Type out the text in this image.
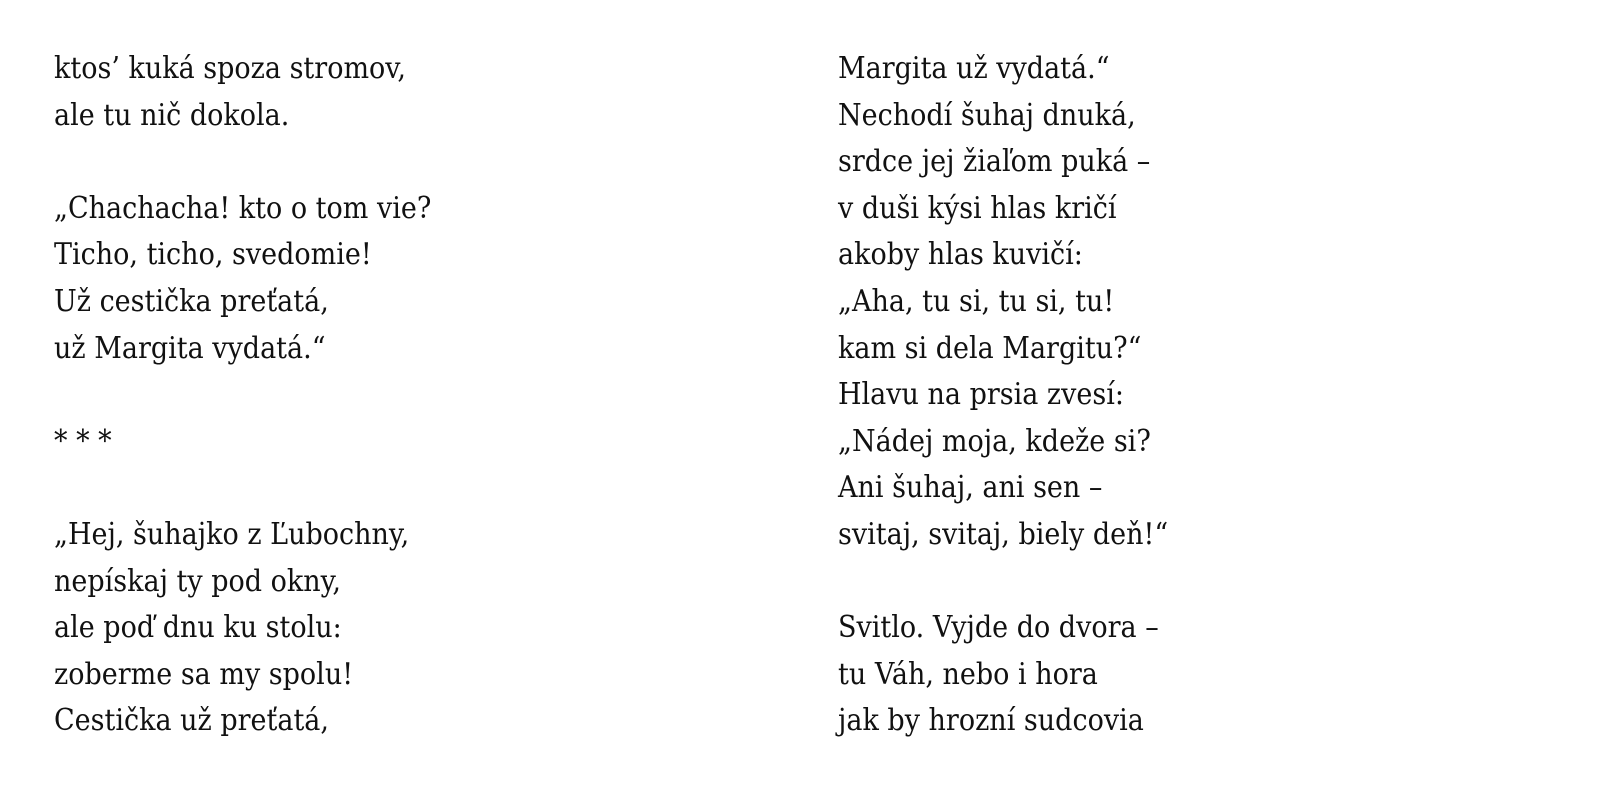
ktos’ kuká spoza stromov,
ale tu nič dokola.
„Chachacha! kto o tom vie?
Ticho, ticho, svedomie!
Už cestička preťatá,
už Margita vydatá.“
* * *
„Hej, šuhajko z Ľubochny,
nepískaj ty pod okny,
ale poď dnu ku stolu:
zoberme sa my spolu!
Cestička už preťatá,
Margita už vydatá.“
Nechodí šuhaj dnuká,
srdce jej žiaľom puká –
v duši kýsi hlas kričí
akoby hlas kuvičí:
„Aha, tu si, tu si, tu!
kam si dela Margitu?“
Hlavu na prsia zvesí:
„Nádej moja, kdeže si?
Ani šuhaj, ani sen –
svitaj, svitaj, biely deň!“
Svitlo. Vyjde do dvora –
tu Váh, nebo i hora
jak by hrozní sudcovia
